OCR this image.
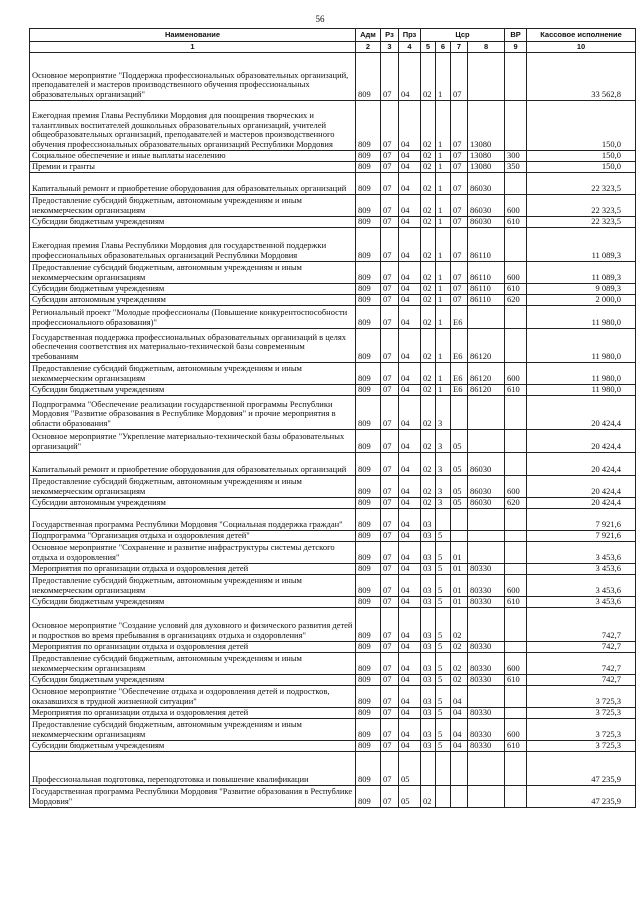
56
Наименование	Адм	Рз	Прз	Цср				ВР	Кассовое исполнение
1	2	3	4	5	6	7	8	9	10
Основное мероприятие "Поддержка профессиональных образовательных организаций, преподавателей и мастеров производственного обучения профессиональных образовательных организаций"	809	07	04	02	1	07			33 562,8
Ежегодная премия Главы Республики Мордовия для поощрения творческих и талантливых воспитателей дошкольных образовательных организаций, учителей общеобразовательных организаций, преподавателей и мастеров производственного обучения профессиональных образовательных организаций Республики Мордовия	809	07	04	02	1	07	13080		150,0
Социальное обеспечение и иные выплаты населению	809	07	04	02	1	07	13080	300	150,0
Премии и гранты	809	07	04	02	1	07	13080	350	150,0
Капитальный ремонт и приобретение оборудования для образовательных организаций	809	07	04	02	1	07	86030		22 323,5
Предоставление субсидий бюджетным, автономным учреждениям и иным некоммерческим организациям	809	07	04	02	1	07	86030	600	22 323,5
Субсидии бюджетным учреждениям	809	07	04	02	1	07	86030	610	22 323,5
Ежегодная премия Главы Республики Мордовия для государственной поддержки профессиональных образовательных организаций Республики Мордовия	809	07	04	02	1	07	86110		11 089,3
Предоставление субсидий бюджетным, автономным учреждениям и иным некоммерческим организациям	809	07	04	02	1	07	86110	600	11 089,3
Субсидии бюджетным учреждениям	809	07	04	02	1	07	86110	610	9 089,3
Субсидии автономным учреждениям	809	07	04	02	1	07	86110	620	2 000,0
Региональный проект "Молодые профессионалы (Повышение конкурентоспособности профессионального образования)"	809	07	04	02	1	E6			11 980,0
Государственная поддержка профессиональных образовательных организаций в целях обеспечения соответствия их материально-технической базы современным требованиям	809	07	04	02	1	E6	86120		11 980,0
Предоставление субсидий бюджетным, автономным учреждениям и иным некоммерческим организациям	809	07	04	02	1	E6	86120	600	11 980,0
Субсидии бюджетным учреждениям	809	07	04	02	1	E6	86120	610	11 980,0
Подпрограмма "Обеспечение реализации государственной программы Республики Мордовия "Развитие образования в Республике Мордовия" и прочие мероприятия в области образования"	809	07	04	02	3				20 424,4
Основное мероприятие "Укрепление материально-технической базы образовательных организаций"	809	07	04	02	3	05			20 424,4
Капитальный ремонт и приобретение оборудования для образовательных организаций	809	07	04	02	3	05	86030		20 424,4
Предоставление субсидий бюджетным, автономным учреждениям и иным некоммерческим организациям	809	07	04	02	3	05	86030	600	20 424,4
Субсидии автономным учреждениям	809	07	04	02	3	05	86030	620	20 424,4
Государственная программа Республики Мордовия "Социальная поддержка граждан"	809	07	04	03					7 921,6
Подпрограмма "Организация отдыха и оздоровления детей"	809	07	04	03	5				7 921,6
Основное мероприятие "Сохранение и развитие инфраструктуры системы детского отдыха и оздоровления"	809	07	04	03	5	01			3 453,6
Мероприятия по организации отдыха и оздоровления детей	809	07	04	03	5	01	80330		3 453,6
Предоставление субсидий бюджетным, автономным учреждениям и иным некоммерческим организациям	809	07	04	03	5	01	80330	600	3 453,6
Субсидии бюджетным учреждениям	809	07	04	03	5	01	80330	610	3 453,6
Основное мероприятие "Создание условий для духовного и физического развития детей и подростков во время пребывания в организациях отдыха и оздоровления"	809	07	04	03	5	02			742,7
Мероприятия по организации отдыха и оздоровления детей	809	07	04	03	5	02	80330		742,7
Предоставление субсидий бюджетным, автономным учреждениям и иным некоммерческим организациям	809	07	04	03	5	02	80330	600	742,7
Субсидии бюджетным учреждениям	809	07	04	03	5	02	80330	610	742,7
Основное мероприятие "Обеспечение отдыха и оздоровления детей и подростков, оказавшихся в трудной жизненной ситуации"	809	07	04	03	5	04			3 725,3
Мероприятия по организации отдыха и оздоровления детей	809	07	04	03	5	04	80330		3 725,3
Предоставление субсидий бюджетным, автономным учреждениям и иным некоммерческим организациям	809	07	04	03	5	04	80330	600	3 725,3
Субсидии бюджетным учреждениям	809	07	04	03	5	04	80330	610	3 725,3
Профессиональная подготовка, переподготовка и повышение квалификации	809	07	05						47 235,9
Государственная программа Республики Мордовия "Развитие образования в Республике Мордовия"	809	07	05	02					47 235,9
